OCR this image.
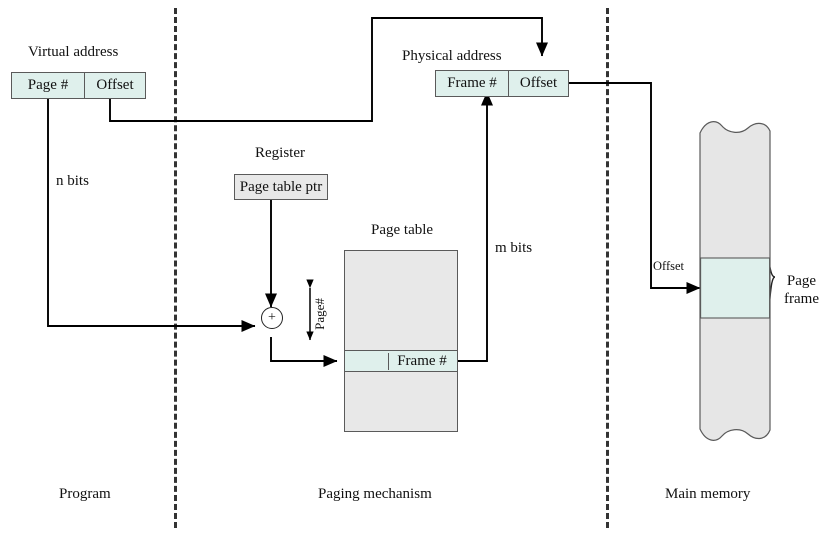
Virtual address
Page # Offset
n bits
Register
Page table ptr
+
Page table
Frame #
Page#
m bits
Physical address
Frame # Offset
Offset
Page
frame
Program	Paging mechanism	Main memory
